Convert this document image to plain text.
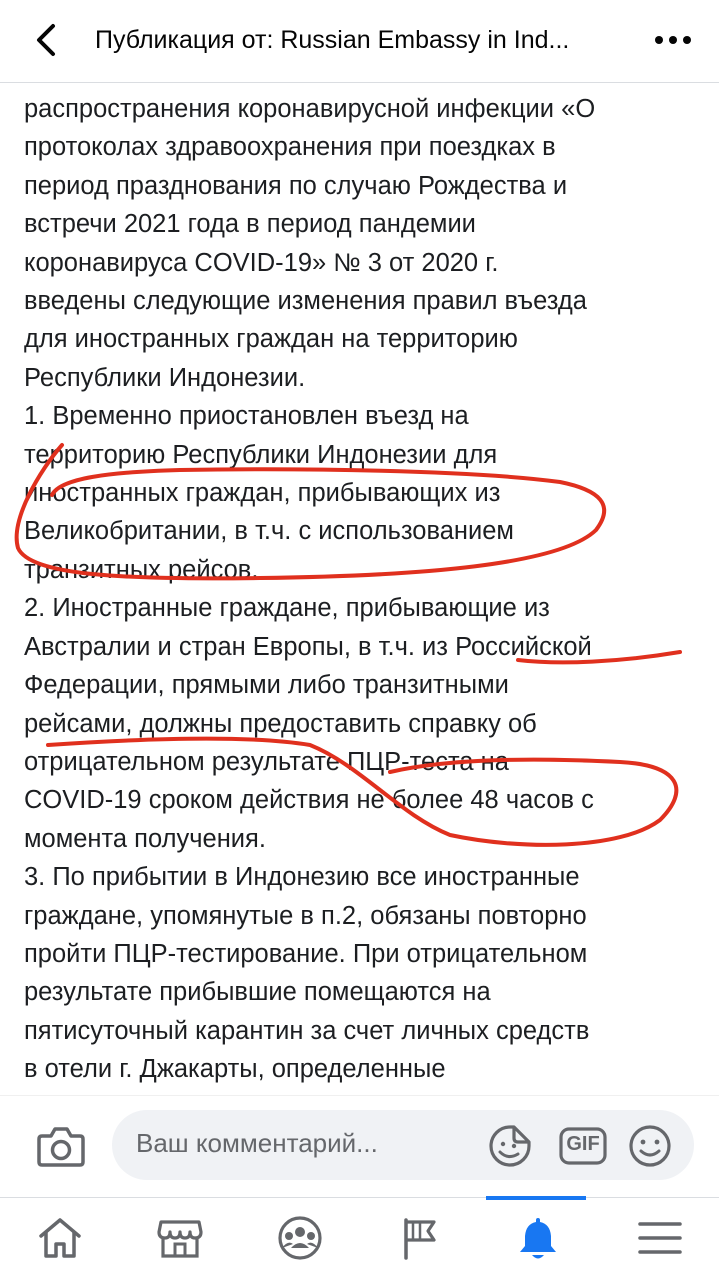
Публикация от: Russian Embassy in Ind...

распространения коронавирусной инфекции «О
протоколах здравоохранения при поездках в
период празднования по случаю Рождества и
встречи 2021 года в период пандемии
коронавируса COVID-19» № 3 от 2020 г.
введены следующие изменения правил въезда
для иностранных граждан на территорию
Республики Индонезии.
1. Временно приостановлен въезд на
территорию Республики Индонезии для
иностранных граждан, прибывающих из
Великобритании, в т.ч. с использованием
транзитных рейсов.
2. Иностранные граждане, прибывающие из
Австралии и стран Европы, в т.ч. из Российской
Федерации, прямыми либо транзитными
рейсами, должны предоставить справку об
отрицательном результате ПЦР-теста на
COVID-19 сроком действия не более 48 часов с
момента получения.
3. По прибытии в Индонезию все иностранные
граждане, упомянутые в п.2, обязаны повторно
пройти ПЦР-тестирование. При отрицательном
результате прибывшие помещаются на
пятисуточный карантин за счет личных средств
в отели г. Джакарты, определенные

Ваш комментарий...	GIF
